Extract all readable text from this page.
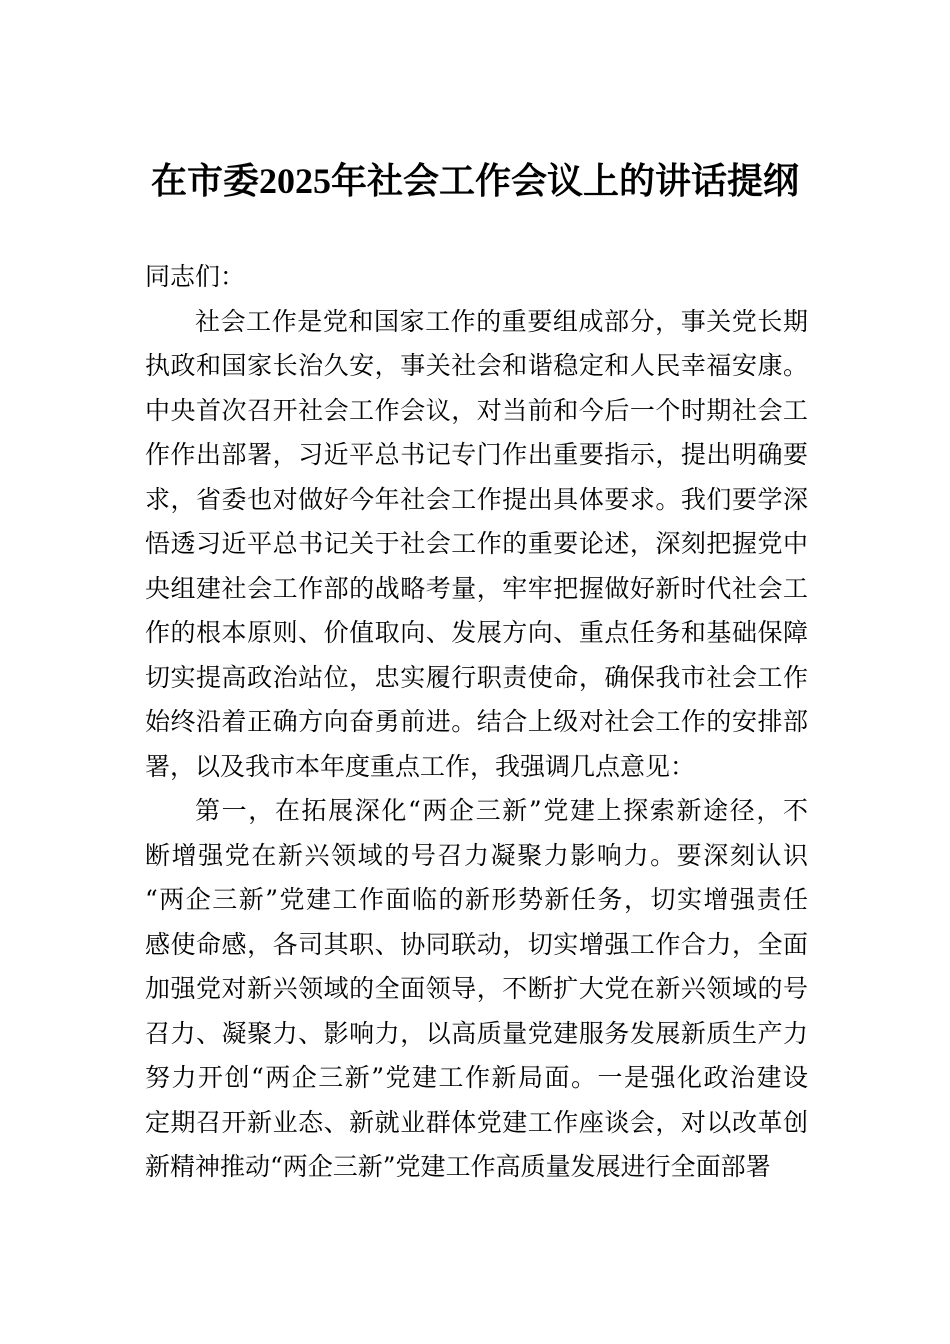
在市委2025年社会工作会议上的讲话提纲
同志们：
社会工作是党和国家工作的重要组成部分，事关党长期
执政和国家长治久安，事关社会和谐稳定和人民幸福安康。
中央首次召开社会工作会议，对当前和今后一个时期社会工
作作出部署，习近平总书记专门作出重要指示，提出明确要
求，省委也对做好今年社会工作提出具体要求。我们要学深
悟透习近平总书记关于社会工作的重要论述，深刻把握党中
央组建社会工作部的战略考量，牢牢把握做好新时代社会工
作的根本原则、价值取向、发展方向、重点任务和基础保障
切实提高政治站位，忠实履行职责使命，确保我市社会工作
始终沿着正确方向奋勇前进。结合上级对社会工作的安排部
署，以及我市本年度重点工作，我强调几点意见：
第一，在拓展深化“两企三新”党建上探索新途径，不
断增强党在新兴领域的号召力凝聚力影响力。要深刻认识
“两企三新”党建工作面临的新形势新任务，切实增强责任
感使命感，各司其职、协同联动，切实增强工作合力，全面
加强党对新兴领域的全面领导，不断扩大党在新兴领域的号
召力、凝聚力、影响力，以高质量党建服务发展新质生产力
努力开创“两企三新”党建工作新局面。一是强化政治建设
定期召开新业态、新就业群体党建工作座谈会，对以改革创
新精神推动“两企三新”党建工作高质量发展进行全面部署
